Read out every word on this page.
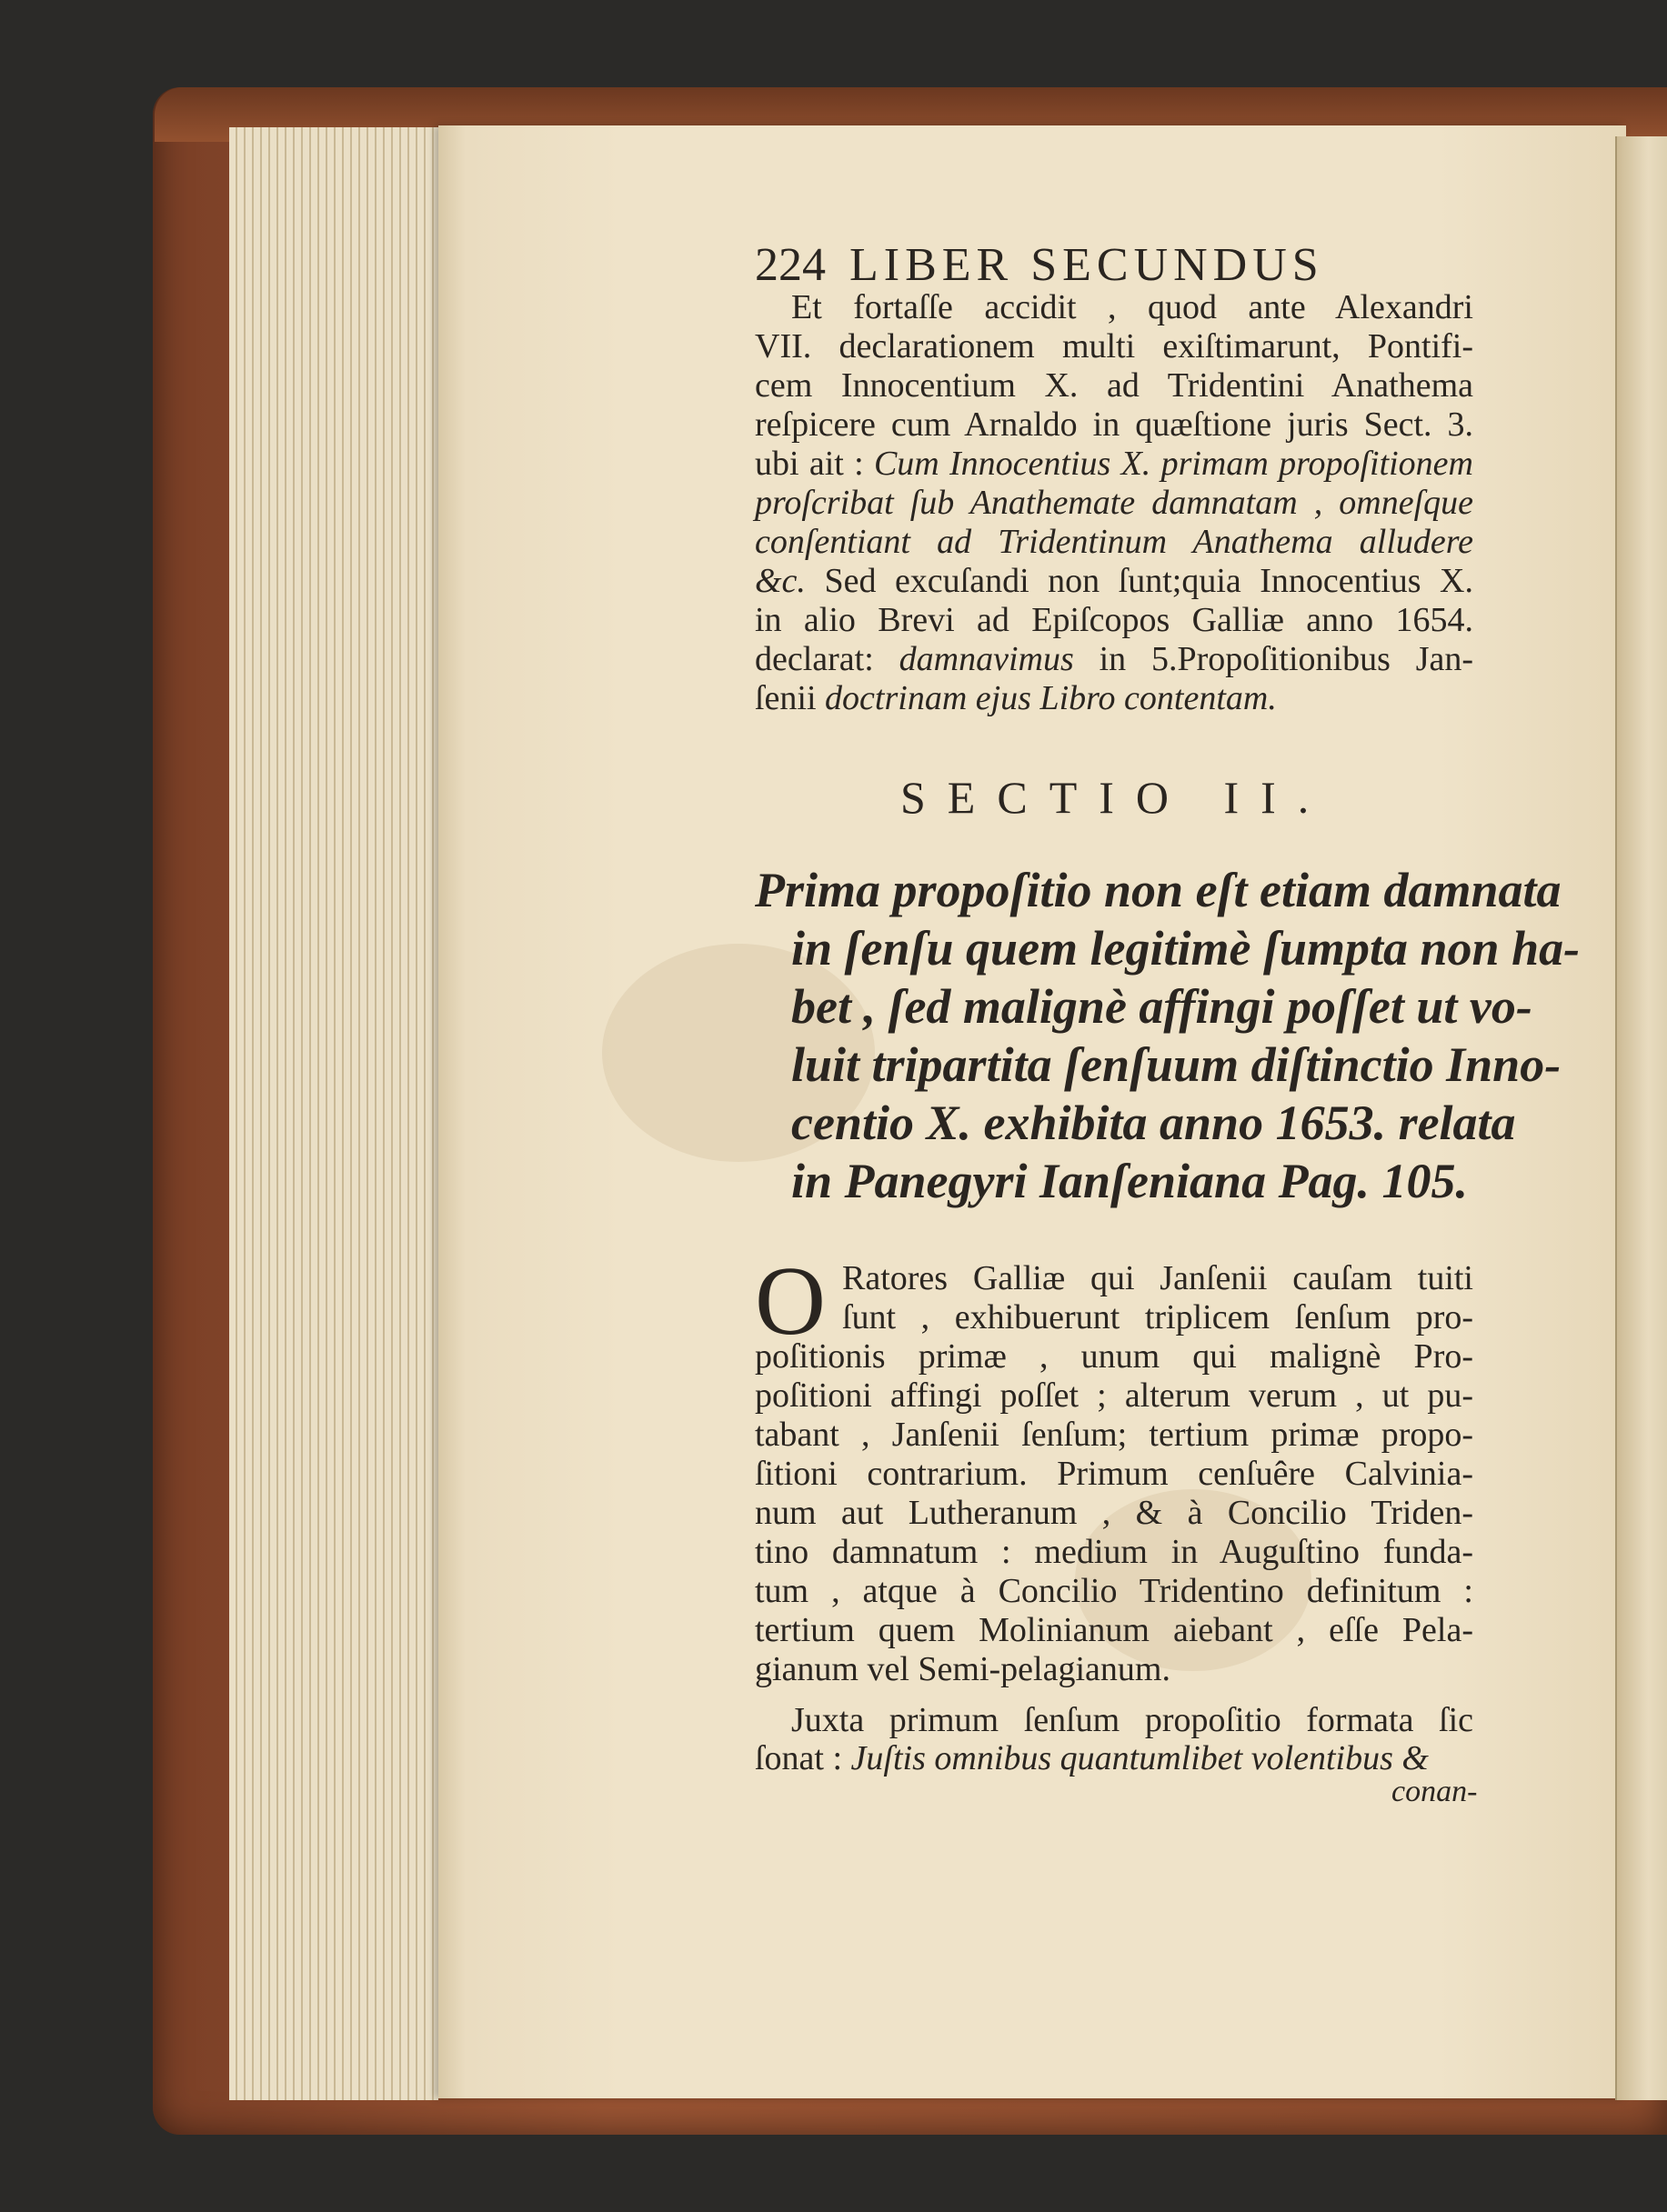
224 LIBER SECUNDUS
Et fortaſſe accidit , quod ante Alexandri
VII. declarationem multi exiſtimarunt, Pontifi-
cem Innocentium X. ad Tridentini Anathema
reſpicere cum Arnaldo in quæſtione juris Sect. 3.
ubi ait : Cum Innocentius X. primam propoſitionem
proſcribat ſub Anathemate damnatam , omneſque
conſentiant ad Tridentinum Anathema alludere
&c. Sed excuſandi non ſunt;quia Innocentius X.
in alio Brevi ad Epiſcopos Galliæ anno 1654.
declarat: damnavimus in 5.Propoſitionibus Jan-
ſenii doctrinam ejus Libro contentam.
SECTIO II.
Prima propoſitio non eſt etiam damnata
in ſenſu quem legitimè ſumpta non ha-
bet , ſed malignè affingi poſſet ut vo-
luit tripartita ſenſuum diſtinctio Inno-
centio X. exhibita anno 1653. relata
in Panegyri Ianſeniana Pag. 105.
O Ratores Galliæ qui Janſenii cauſam tuiti
ſunt , exhibuerunt triplicem ſenſum pro-
poſitionis primæ , unum qui malignè Pro-
poſitioni affingi poſſet ; alterum verum , ut pu-
tabant , Janſenii ſenſum; tertium primæ propo-
ſitioni contrarium. Primum cenſuêre Calvinia-
num aut Lutheranum , & à Concilio Triden-
tino damnatum : medium in Auguſtino funda-
tum , atque à Concilio Tridentino definitum :
tertium quem Molinianum aiebant , eſſe Pela-
gianum vel Semi-pelagianum.
Juxta primum ſenſum propoſitio formata ſic
ſonat : Juſtis omnibus quantumlibet volentibus &
conan-
